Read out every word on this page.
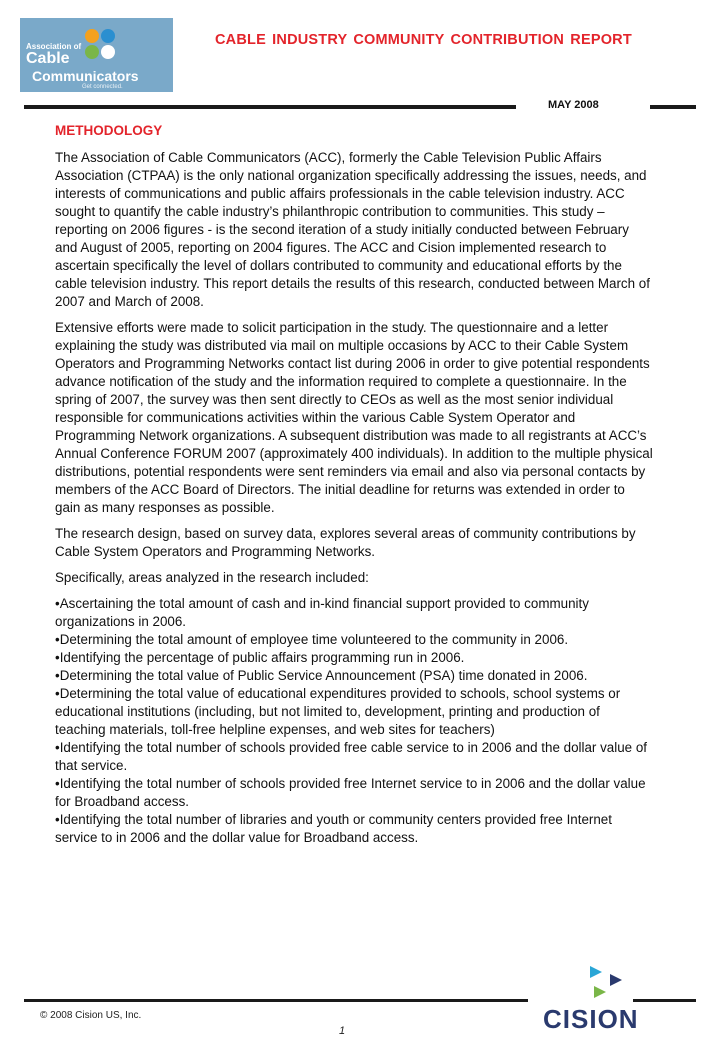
Association of
Cable
Communicators
Get connected.
CABLE INDUSTRY COMMUNITY CONTRIBUTION REPORT
MAY 2008
METHODOLOGY

The Association of Cable Communicators (ACC), formerly the Cable Television Public Affairs Association (CTPAA) is the only national organization specifically addressing the issues, needs, and interests of communications and public affairs professionals in the cable television industry. ACC sought to quantify the cable industry’s philanthropic contribution to communities. This study – reporting on 2006 figures - is the second iteration of a study initially conducted between February and August of 2005, reporting on 2004 figures. The ACC and Cision implemented research to ascertain specifically the level of dollars contributed to community and educational efforts by the cable television industry. This report details the results of this research, conducted between March of 2007 and March of 2008.

Extensive efforts were made to solicit participation in the study. The questionnaire and a letter explaining the study was distributed via mail on multiple occasions by ACC to their Cable System Operators and Programming Networks contact list during 2006 in order to give potential respondents advance notification of the study and the information required to complete a questionnaire. In the spring of 2007, the survey was then sent directly to CEOs as well as the most senior individual responsible for communications activities within the various Cable System Operator and Programming Network organizations. A subsequent distribution was made to all registrants at ACC’s Annual Conference FORUM 2007 (approximately 400 individuals). In addition to the multiple physical distributions, potential respondents were sent reminders via email and also via personal contacts by members of the ACC Board of Directors. The initial deadline for returns was extended in order to gain as many responses as possible.

The research design, based on survey data, explores several areas of community contributions by Cable System Operators and Programming Networks.

Specifically, areas analyzed in the research included:

•Ascertaining the total amount of cash and in-kind financial support provided to community organizations in 2006.
•Determining the total amount of employee time volunteered to the community in 2006.
•Identifying the percentage of public affairs programming run in 2006.
•Determining the total value of Public Service Announcement (PSA) time donated in 2006.
•Determining the total value of educational expenditures provided to schools, school systems or educational institutions (including, but not limited to, development, printing and production of teaching materials, toll-free helpline expenses, and web sites for teachers)
•Identifying the total number of schools provided free cable service to in 2006 and the dollar value of that service.
•Identifying the total number of schools provided free Internet service to in 2006 and the dollar value for Broadband access.
•Identifying the total number of libraries and youth or community centers provided free Internet service to in 2006 and the dollar value for Broadband access.
© 2008 Cision US, Inc.
1	CISION
